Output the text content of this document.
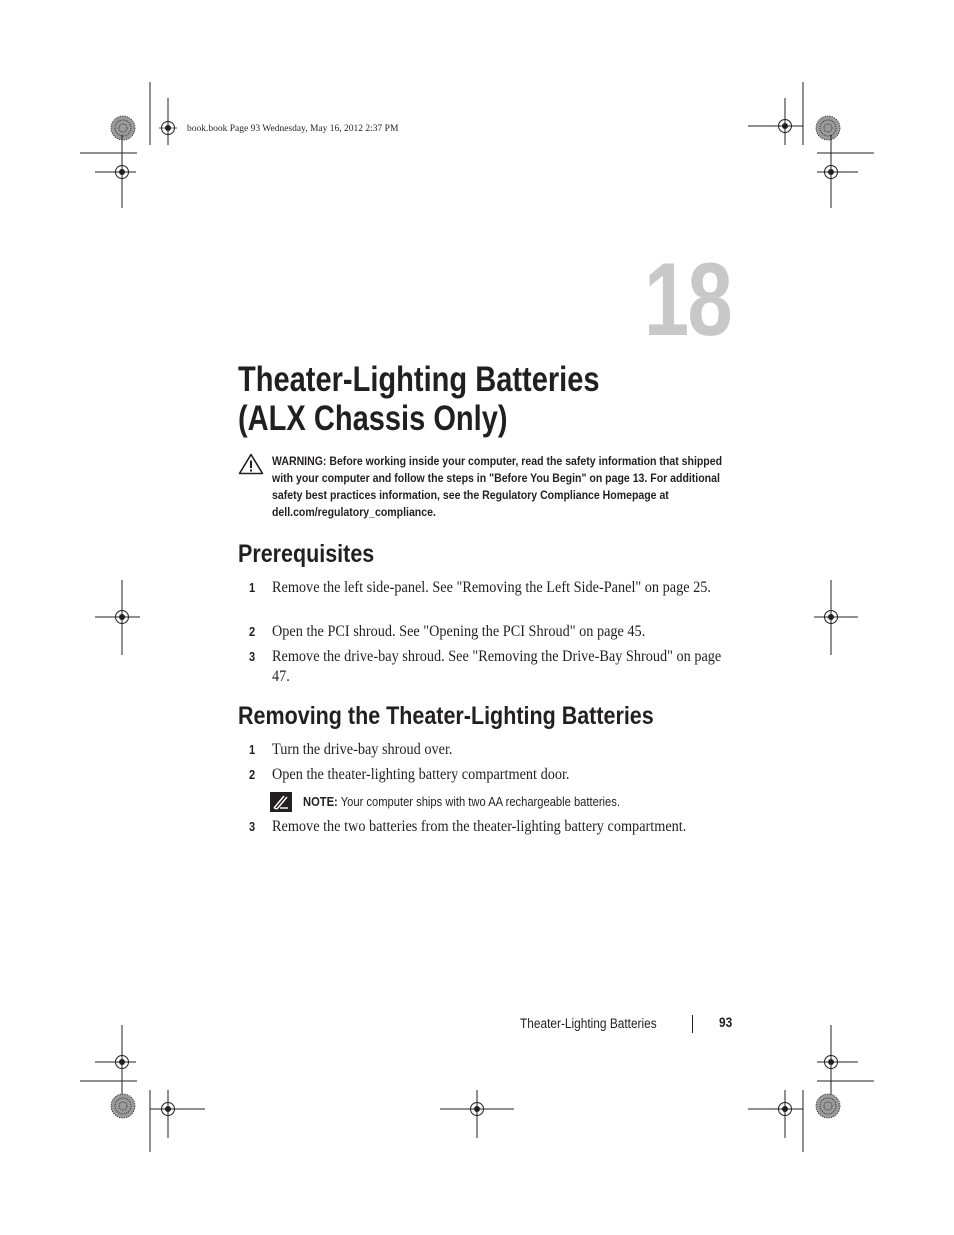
book.book Page 93 Wednesday, May 16, 2012 2:37 PM
18
Theater-Lighting Batteries
(ALX Chassis Only)
WARNING: Before working inside your computer, read the safety information that shipped with your computer and follow the steps in "Before You Begin" on page 13. For additional safety best practices information, see the Regulatory Compliance Homepage at dell.com/regulatory_compliance.
Prerequisites
1 Remove the left side-panel. See "Removing the Left Side-Panel" on page 25.
2 Open the PCI shroud. See "Opening the PCI Shroud" on page 45.
3 Remove the drive-bay shroud. See "Removing the Drive-Bay Shroud" on page 47.
Removing the Theater-Lighting Batteries
1 Turn the drive-bay shroud over.
2 Open the theater-lighting battery compartment door.
NOTE: Your computer ships with two AA rechargeable batteries.
3 Remove the two batteries from the theater-lighting battery compartment.
Theater-Lighting Batteries	93
